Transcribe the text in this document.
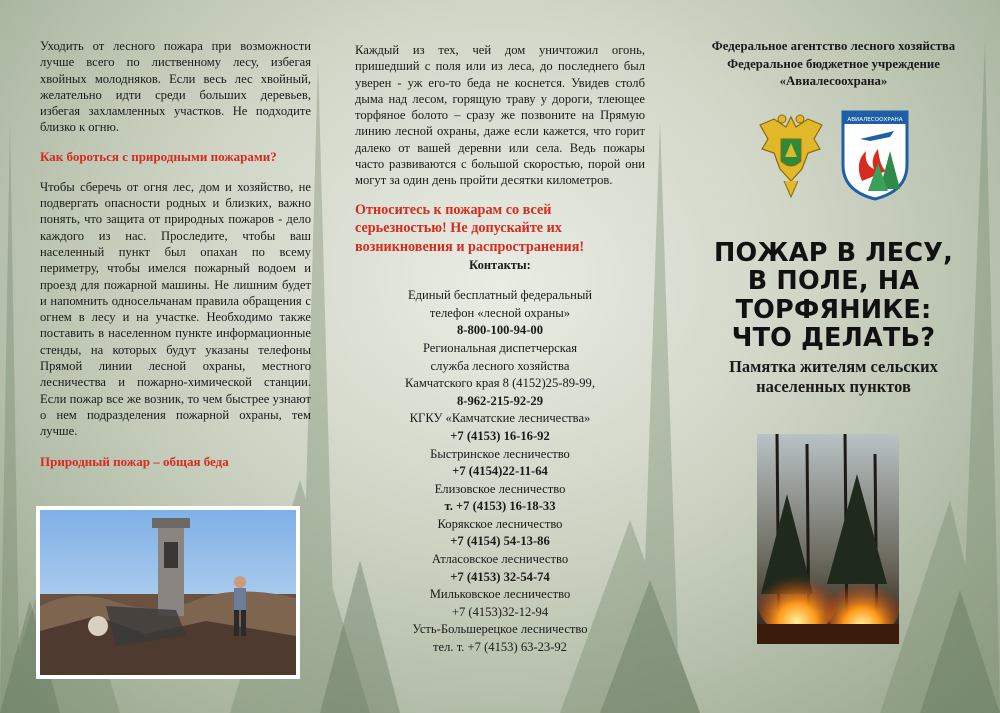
Уходить от лесного пожара при возможности лучше всего по лиственному лесу, избегая хвойных молодняков. Если весь лес хвойный, желательно идти среди больших деревьев, избегая захламленных участков. Не подходите близко к огню.

Как бороться с природными пожарами?

Чтобы сберечь от огня лес, дом и хозяйство, не подвергать опасности родных и близких, важно понять, что защита от природных пожаров - дело каждого из нас. Проследите, чтобы ваш населенный пункт был опахан по всему периметру, чтобы имелся пожарный водоем и проезд для пожарной машины. Не лишним будет и напомнить односельчанам правила обращения с огнем в лесу и на участке. Необходимо также поставить в населенном пункте информационные стенды, на которых будут указаны телефоны Прямой линии лесной охраны, местного лесничества и пожарно-химической станции. Если пожар все же возник, то чем быстрее узнают о нем подразделения пожарной охраны, тем лучше.

Природный пожар – общая беда

Каждый из тех, чей дом уничтожил огонь, пришедший с поля или из леса, до последнего был уверен - уж его-то беда не коснется. Увидев столб дыма над лесом, горящую траву у дороги, тлеющее торфяное болото – сразу же позвоните на Прямую линию лесной охраны, даже если кажется, что горит далеко от вашей деревни или села. Ведь пожары часто развиваются с большой скоростью, порой они могут за один день пройти десятки километров.

Относитесь к пожарам со всей серьезностью! Не допускайте их возникновения и распространения!

Контакты:
Единый бесплатный федеральный
телефон «лесной охраны»
8-800-100-94-00
Региональная диспетчерская
служба лесного хозяйства
Камчатского края 8 (4152)25-89-99,
8-962-215-92-29
КГКУ «Камчатские лесничества»
+7 (4153) 16-16-92
Быстринское лесничество
+7 (4154)22-11-64
Елизовское лесничество
т. +7 (4153) 16-18-33
Корякское лесничество
+7 (4154) 54-13-86
Атласовское лесничество
+7 (4153) 32-54-74
Мильковское лесничество
+7 (4153)32-12-94
Усть-Большерецкое лесничество
тел. т. +7 (4153) 63-23-92
Федеральное агентство лесного хозяйства
Федеральное бюджетное учреждение «Авиалесоохрана»
АВИАЛЕСООХРАНА
ПОЖАР В ЛЕСУ,
В ПОЛЕ, НА
ТОРФЯНИКЕ:
ЧТО ДЕЛАТЬ?
Памятка жителям сельских населенных пунктов
